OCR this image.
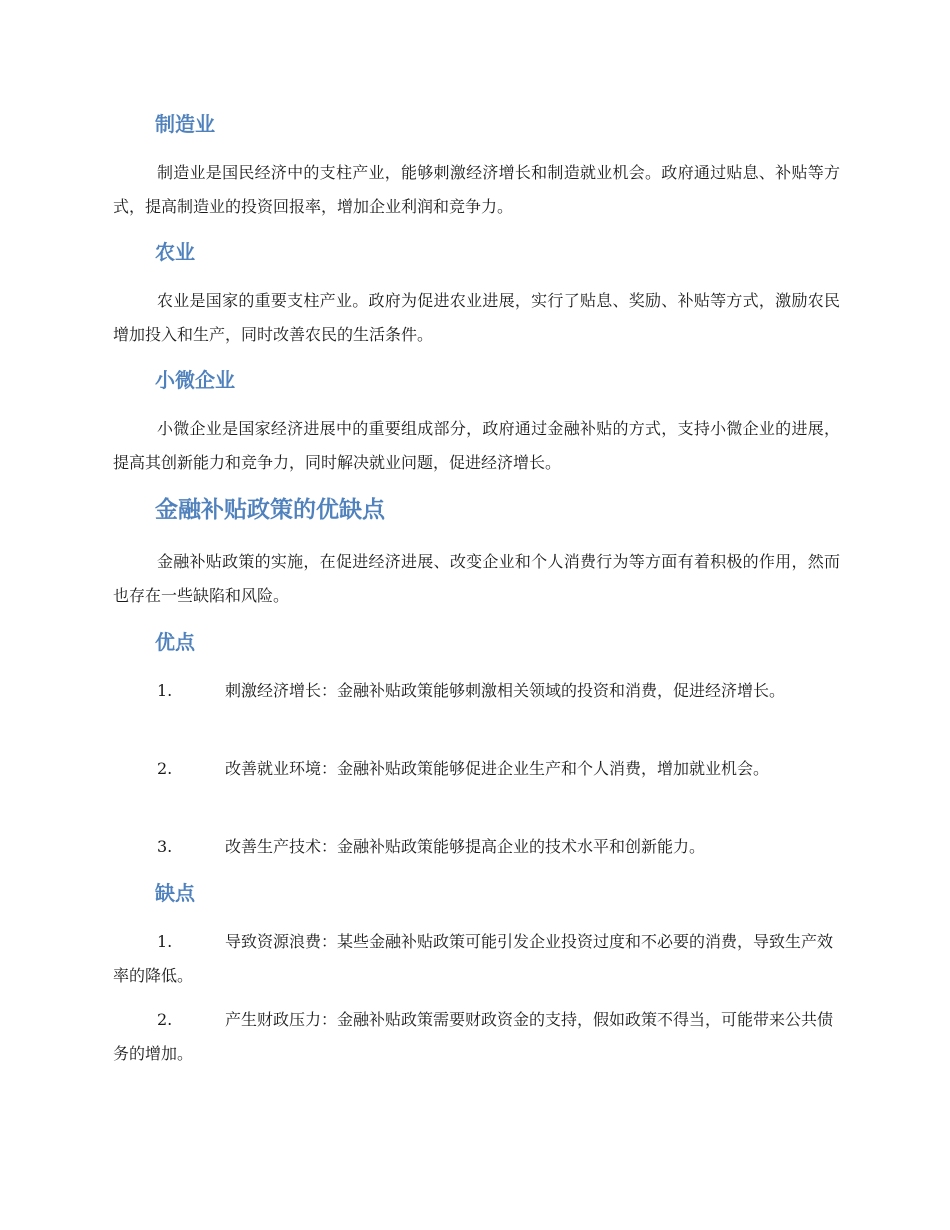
制造业

制造业是国民经济中的支柱产业，能够刺激经济增长和制造就业机会。政府通过贴息、补贴等方式，提高制造业的投资回报率，增加企业利润和竞争力。

农业

农业是国家的重要支柱产业。政府为促进农业进展，实行了贴息、奖励、补贴等方式，激励农民增加投入和生产，同时改善农民的生活条件。

小微企业

小微企业是国家经济进展中的重要组成部分，政府通过金融补贴的方式，支持小微企业的进展，提高其创新能力和竞争力，同时解决就业问题，促进经济增长。

金融补贴政策的优缺点

金融补贴政策的实施，在促进经济进展、改变企业和个人消费行为等方面有着积极的作用，然而也存在一些缺陷和风险。

优点

1.	刺激经济增长：金融补贴政策能够刺激相关领域的投资和消费，促进经济增长。

2.	改善就业环境：金融补贴政策能够促进企业生产和个人消费，增加就业机会。

3.	改善生产技术：金融补贴政策能够提高企业的技术水平和创新能力。

缺点

1.	导致资源浪费：某些金融补贴政策可能引发企业投资过度和不必要的消费，导致生产效率的降低。

2.	产生财政压力：金融补贴政策需要财政资金的支持，假如政策不得当，可能带来公共债务的增加。
